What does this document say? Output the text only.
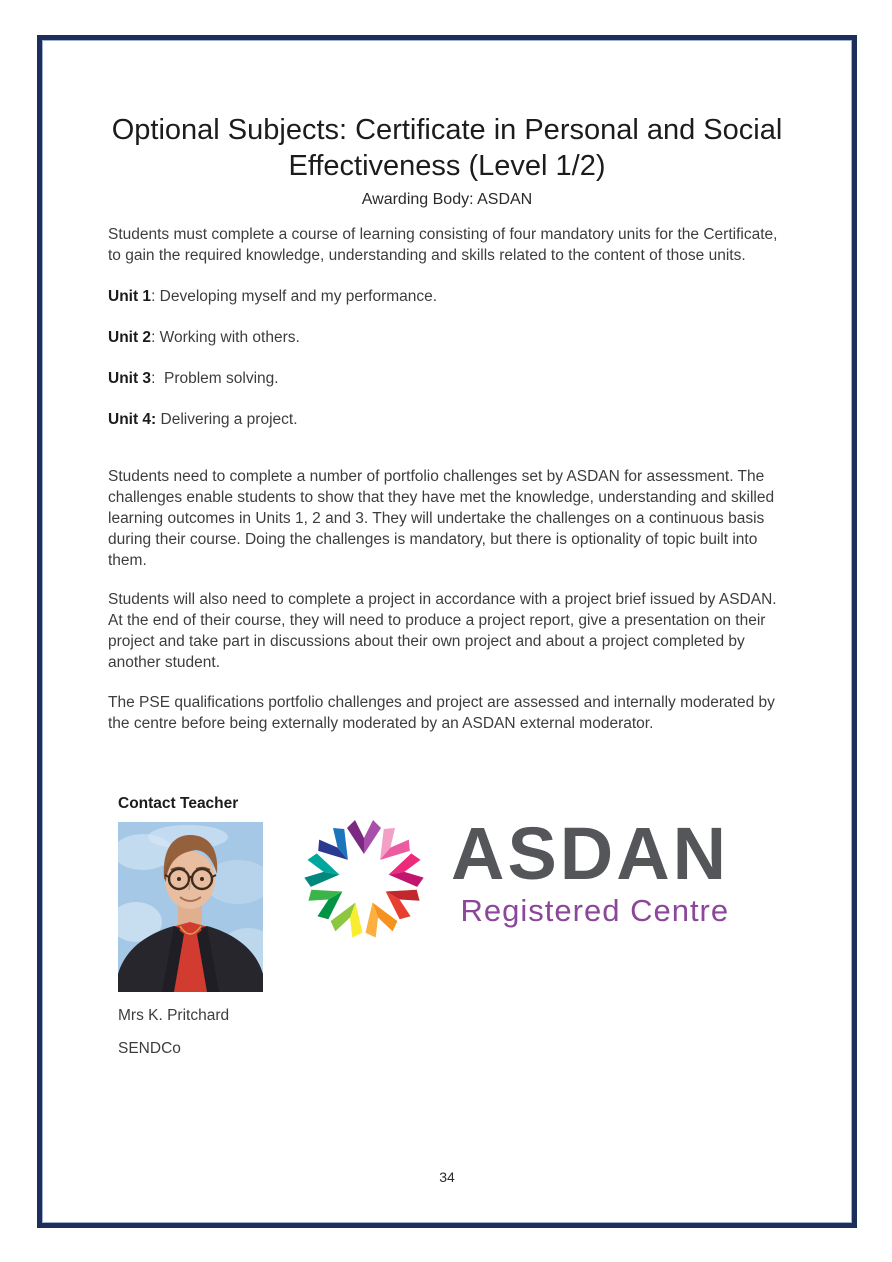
Optional Subjects: Certificate in Personal and Social Effectiveness (Level 1/2)
Awarding Body: ASDAN

Students must complete a course of learning consisting of four mandatory units for the Certificate, to gain the required knowledge, understanding and skills related to the content of those units.

Unit 1: Developing myself and my performance.

Unit 2: Working with others.

Unit 3:  Problem solving.

Unit 4: Delivering a project.

Students need to complete a number of portfolio challenges set by ASDAN for assessment. The challenges enable students to show that they have met the knowledge, understanding and skilled learning outcomes in Units 1, 2 and 3. They will undertake the challenges on a continuous basis during their course. Doing the challenges is mandatory, but there is optionality of topic built into them.

Students will also need to complete a project in accordance with a project brief issued by ASDAN. At the end of their course, they will need to produce a project report, give a presentation on their project and take part in discussions about their own project and about a project completed by another student.

The PSE qualifications portfolio challenges and project are assessed and internally moderated by the centre before being externally moderated by an ASDAN external moderator.

Contact Teacher
Mrs K. Pritchard
SENDCo
ASDAN
Registered Centre
34
